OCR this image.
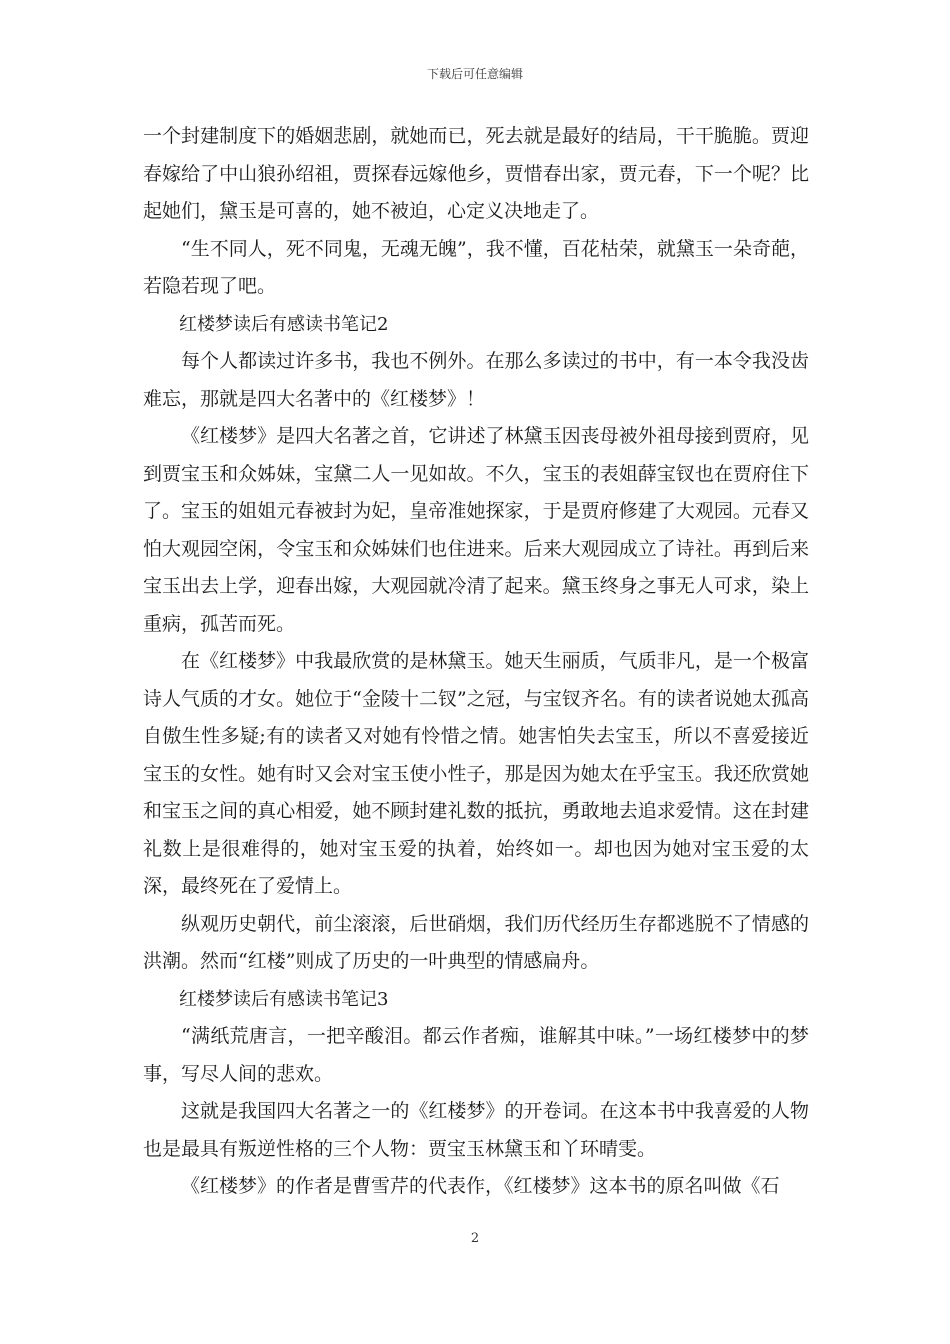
下载后可任意编辑

一个封建制度下的婚姻悲剧，就她而已，死去就是最好的结局，干干脆脆。贾迎春嫁给了中山狼孙绍祖，贾探春远嫁他乡，贾惜春出家，贾元春，下一个呢？比起她们，黛玉是可喜的，她不被迫，心定义决地走了。

“生不同人，死不同鬼，无魂无魄”，我不懂，百花枯荣，就黛玉一朵奇葩，若隐若现了吧。

红楼梦读后有感读书笔记2

每个人都读过许多书，我也不例外。在那么多读过的书中，有一本令我没齿难忘，那就是四大名著中的《红楼梦》！

《红楼梦》是四大名著之首，它讲述了林黛玉因丧母被外祖母接到贾府，见到贾宝玉和众姊妹，宝黛二人一见如故。不久，宝玉的表姐薛宝钗也在贾府住下了。宝玉的姐姐元春被封为妃，皇帝准她探家，于是贾府修建了大观园。元春又怕大观园空闲，令宝玉和众姊妹们也住进来。后来大观园成立了诗社。再到后来宝玉出去上学，迎春出嫁，大观园就冷清了起来。黛玉终身之事无人可求，染上重病，孤苦而死。

在《红楼梦》中我最欣赏的是林黛玉。她天生丽质，气质非凡，是一个极富诗人气质的才女。她位于“金陵十二钗”之冠，与宝钗齐名。有的读者说她太孤高自傲生性多疑;有的读者又对她有怜惜之情。她害怕失去宝玉，所以不喜爱接近宝玉的女性。她有时又会对宝玉使小性子，那是因为她太在乎宝玉。我还欣赏她和宝玉之间的真心相爱，她不顾封建礼数的抵抗，勇敢地去追求爱情。这在封建礼数上是很难得的，她对宝玉爱的执着，始终如一。却也因为她对宝玉爱的太深，最终死在了爱情上。

纵观历史朝代，前尘滚滚，后世硝烟，我们历代经历生存都逃脱不了情感的洪潮。然而“红楼”则成了历史的一叶典型的情感扁舟。

红楼梦读后有感读书笔记3

“满纸荒唐言，一把辛酸泪。都云作者痴，谁解其中味。”一场红楼梦中的梦事，写尽人间的悲欢。

这就是我国四大名著之一的《红楼梦》的开卷词。在这本书中我喜爱的人物也是最具有叛逆性格的三个人物：贾宝玉林黛玉和丫环晴雯。

《红楼梦》的作者是曹雪芹的代表作，《红楼梦》这本书的原名叫做《石

2
